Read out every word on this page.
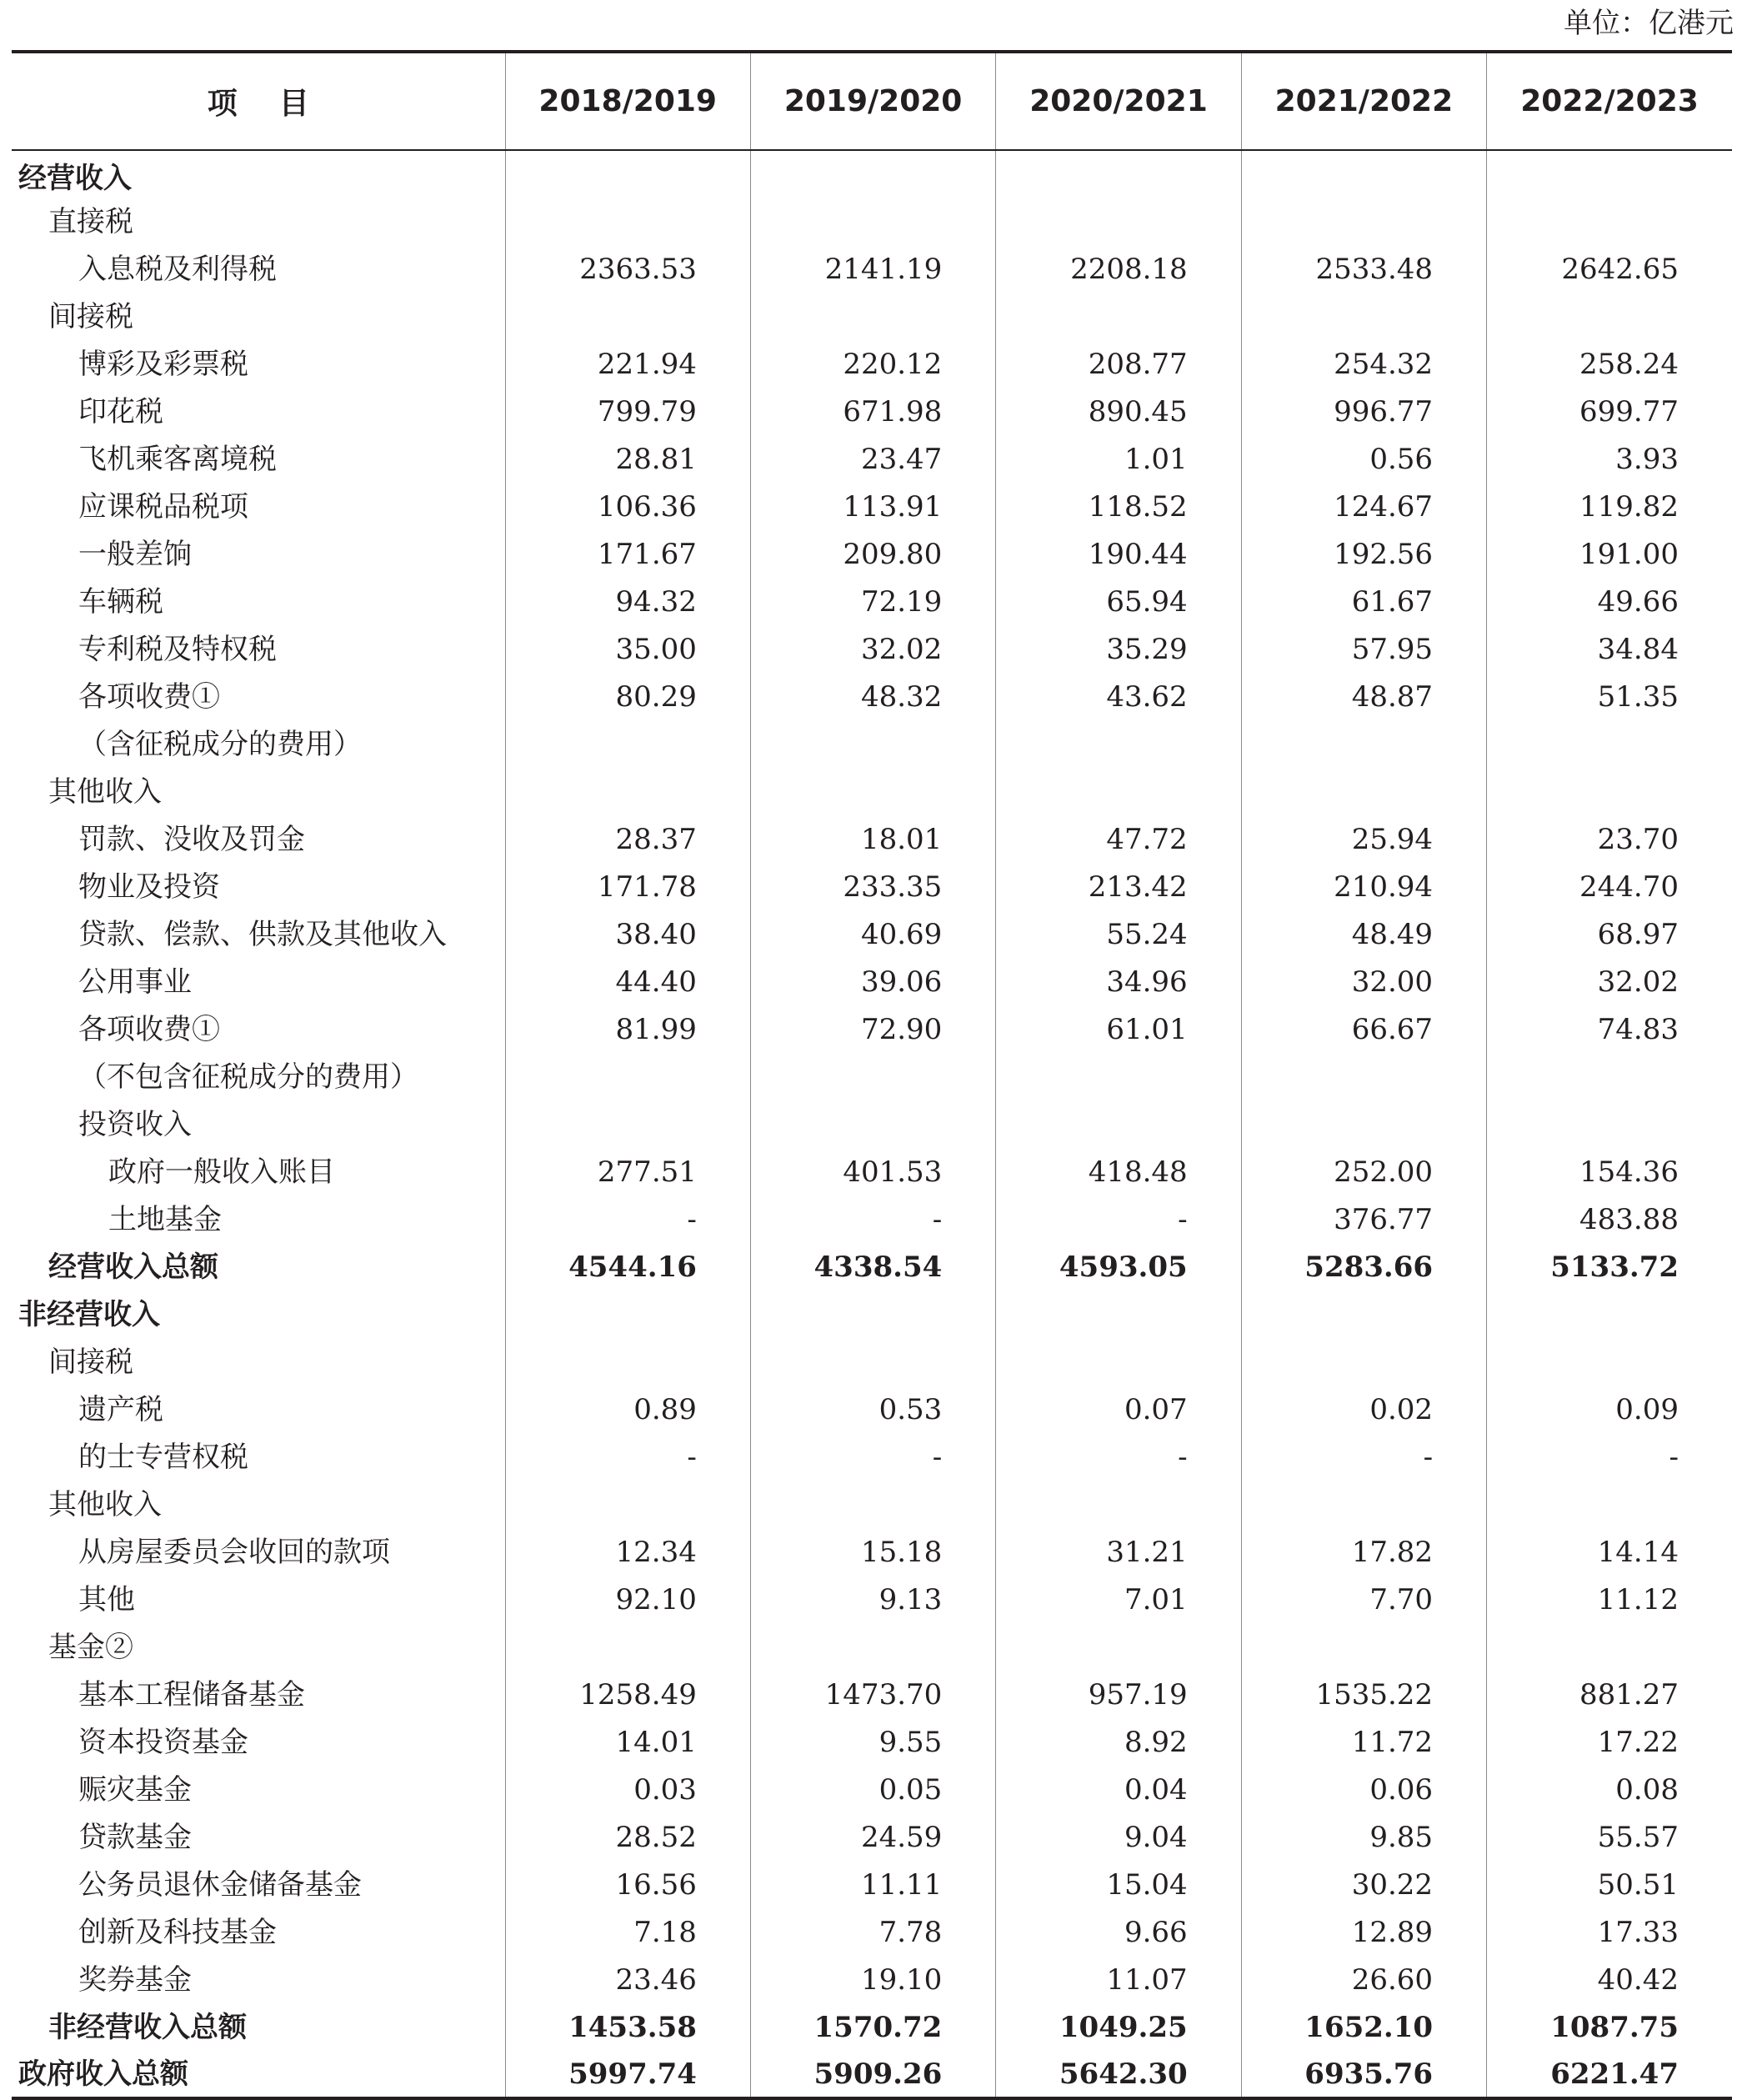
单位：亿港元
项目	2018/2019	2019/2020	2020/2021	2021/2022	2022/2023
经营收入					
直接税					
入息税及利得税	2363.53	2141.19	2208.18	2533.48	2642.65
间接税					
博彩及彩票税	221.94	220.12	208.77	254.32	258.24
印花税	799.79	671.98	890.45	996.77	699.77
飞机乘客离境税	28.81	23.47	1.01	0.56	3.93
应课税品税项	106.36	113.91	118.52	124.67	119.82
一般差饷	171.67	209.80	190.44	192.56	191.00
车辆税	94.32	72.19	65.94	61.67	49.66
专利税及特权税	35.00	32.02	35.29	57.95	34.84
各项收费①	80.29	48.32	43.62	48.87	51.35
（含征税成分的费用）					
其他收入					
罚款、没收及罚金	28.37	18.01	47.72	25.94	23.70
物业及投资	171.78	233.35	213.42	210.94	244.70
贷款、偿款、供款及其他收入	38.40	40.69	55.24	48.49	68.97
公用事业	44.40	39.06	34.96	32.00	32.02
各项收费①	81.99	72.90	61.01	66.67	74.83
（不包含征税成分的费用）					
投资收入					
政府一般收入账目	277.51	401.53	418.48	252.00	154.36
土地基金	-	-	-	376.77	483.88
经营收入总额	4544.16	4338.54	4593.05	5283.66	5133.72
非经营收入					
间接税					
遗产税	0.89	0.53	0.07	0.02	0.09
的士专营权税	-	-	-	-	-
其他收入					
从房屋委员会收回的款项	12.34	15.18	31.21	17.82	14.14
其他	92.10	9.13	7.01	7.70	11.12
基金②					
基本工程储备基金	1258.49	1473.70	957.19	1535.22	881.27
资本投资基金	14.01	9.55	8.92	11.72	17.22
赈灾基金	0.03	0.05	0.04	0.06	0.08
贷款基金	28.52	24.59	9.04	9.85	55.57
公务员退休金储备基金	16.56	11.11	15.04	30.22	50.51
创新及科技基金	7.18	7.78	9.66	12.89	17.33
奖券基金	23.46	19.10	11.07	26.60	40.42
非经营收入总额	1453.58	1570.72	1049.25	1652.10	1087.75
政府收入总额	5997.74	5909.26	5642.30	6935.76	6221.47
